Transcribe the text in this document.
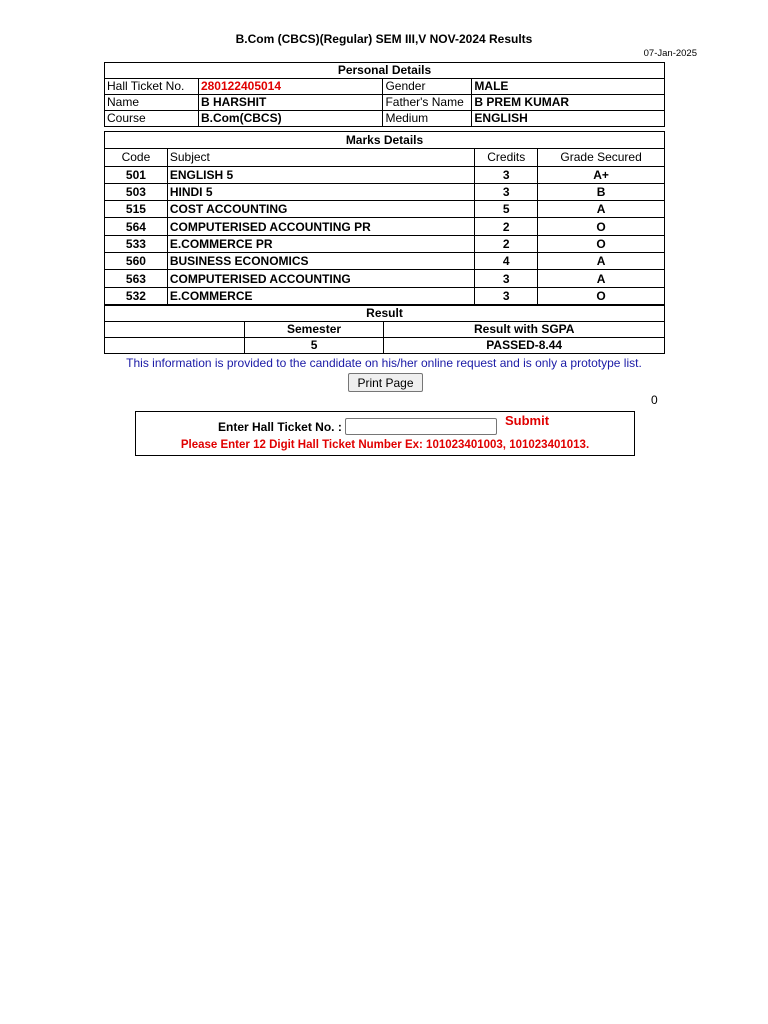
B.Com (CBCS)(Regular) SEM III,V NOV-2024 Results
07-Jan-2025
Personal Details			
Hall Ticket No.	280122405014	Gender	MALE
Name	B HARSHIT	Father's Name	B PREM KUMAR
Course	B.Com(CBCS)	Medium	ENGLISH
Marks Details			
Code	Subject	Credits	Grade Secured
501	ENGLISH 5	3	A+
503	HINDI 5	3	B
515	COST ACCOUNTING	5	A
564	COMPUTERISED ACCOUNTING PR	2	O
533	E.COMMERCE PR	2	O
560	BUSINESS ECONOMICS	4	A
563	COMPUTERISED ACCOUNTING	3	A
532	E.COMMERCE	3	O
Result		
	Semester	Result with SGPA
	5	PASSED-8.44
This information is provided to the candidate on his/her online request and is only a prototype list.
Print Page
0
Enter Hall Ticket No. :	Submit
Please Enter 12 Digit Hall Ticket Number Ex: 101023401003, 101023401013.
